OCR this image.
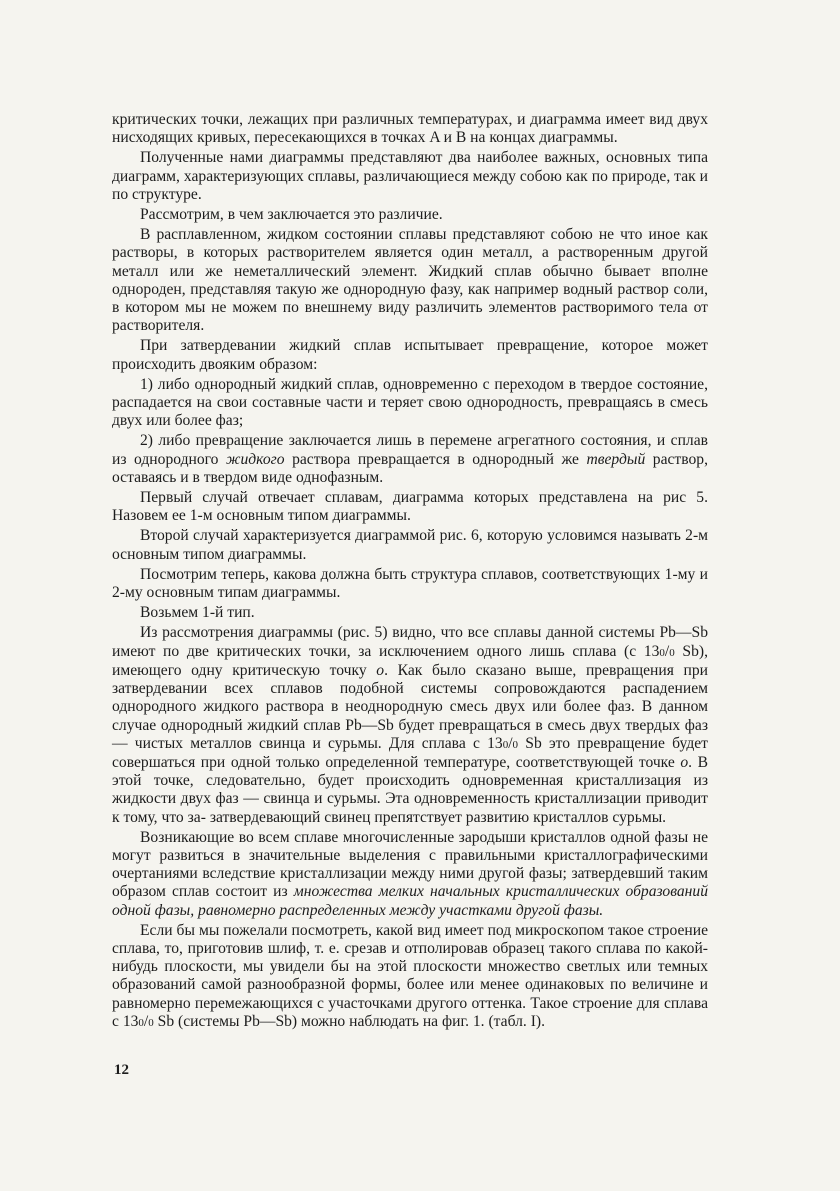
критических точки, лежащих при различных температурах, и диаграмма имеет вид двух нисходящих кривых, пересекающихся в точках A и B на концах диаграммы.

Полученные нами диаграммы представляют два наиболее важных, основных типа диаграмм, характеризующих сплавы, различающиеся между собою как по природе, так и по структуре.

Рассмотрим, в чем заключается это различие.

В расплавленном, жидком состоянии сплавы представляют собою не что иное как растворы, в которых растворителем является один металл, а растворенным другой металл или же неметаллический элемент. Жидкий сплав обычно бывает вполне однороден, представляя такую же однородную фазу, как например водный раствор соли, в котором мы не можем по внешнему виду различить элементов растворимого тела от растворителя.

При затвердевании жидкий сплав испытывает превращение, которое может происходить двояким образом:

1) либо однородный жидкий сплав, одновременно с переходом в твердое состояние, распадается на свои составные части и теряет свою однородность, превращаясь в смесь двух или более фаз;

2) либо превращение заключается лишь в перемене агрегатного состояния, и сплав из однородного жидкого раствора превращается в однородный же твердый раствор, оставаясь и в твердом виде однофазным.

Первый случай отвечает сплавам, диаграмма которых представлена на рис 5. Назовем ее 1-м основным типом диаграммы.

Второй случай характеризуется диаграммой рис. 6, которую условимся называть 2-м основным типом диаграммы.

Посмотрим теперь, какова должна быть структура сплавов, соответствующих 1-му и 2-му основным типам диаграммы.

Возьмем 1-й тип.

Из рассмотрения диаграммы (рис. 5) видно, что все сплавы данной системы Pb—Sb имеют по две критических точки, за исключением одного лишь сплава (с 130/0 Sb), имеющего одну критическую точку o. Как было сказано выше, превращения при затвердевании всех сплавов подобной системы сопровождаются распадением однородного жидкого раствора в неоднородную смесь двух или более фаз. В данном случае однородный жидкий сплав Pb—Sb будет превращаться в смесь двух твердых фаз — чистых металлов свинца и сурьмы. Для сплава с 130/0 Sb это превращение будет совершаться при одной только определенной температуре, соответствующей точке o. В этой точке, следовательно, будет происходить одновременная кристаллизация из жидкости двух фаз — свинца и сурьмы. Эта одновременность кристаллизации приводит к тому, что за- затвердевающий свинец препятствует развитию кристаллов сурьмы.

Возникающие во всем сплаве многочисленные зародыши кристаллов одной фазы не могут развиться в значительные выделения с правильными кристаллографическими очертаниями вследствие кристаллизации между ними другой фазы; затвердевший таким образом сплав состоит из множества мелких начальных кристаллических образований одной фазы, равномерно распределенных между участками другой фазы.

Если бы мы пожелали посмотреть, какой вид имеет под микроскопом такое строение сплава, то, приготовив шлиф, т. е. срезав и отполировав образец такого сплава по какой-нибудь плоскости, мы увидели бы на этой плоскости множество светлых или темных образований самой разнообразной формы, более или менее одинаковых по величине и равномерно перемежающихся с участочками другого оттенка. Такое строение для сплава с 130/0 Sb (системы Pb—Sb) можно наблюдать на фиг. 1. (табл. I).

12
